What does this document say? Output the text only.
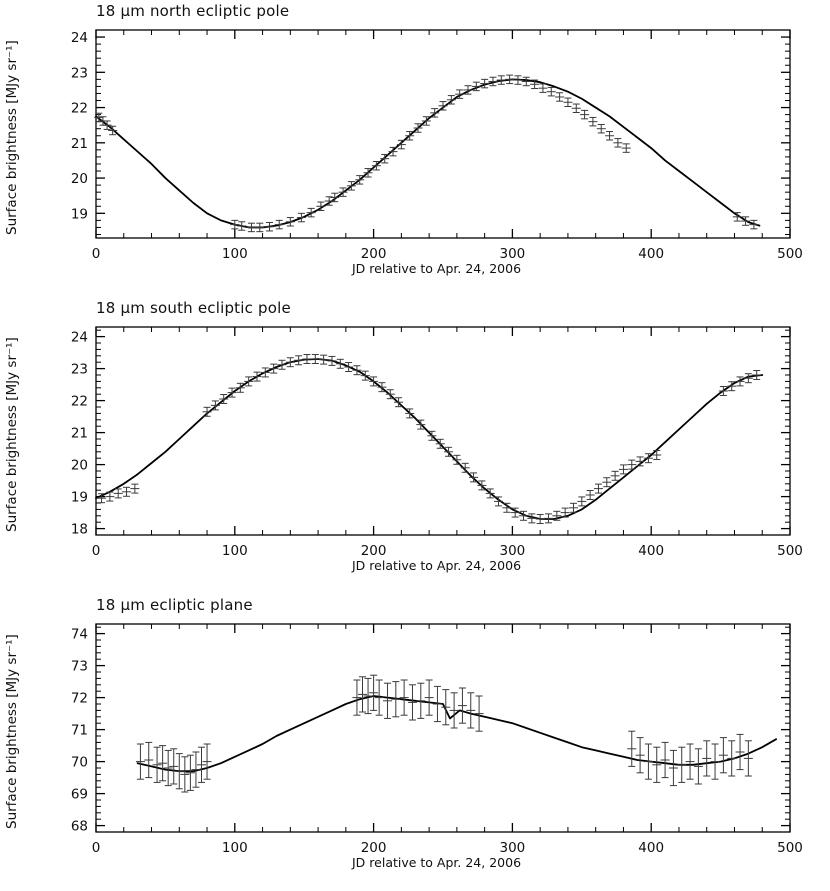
18 µm north ecliptic pole
Surface brightness [MJy sr⁻¹]
JD relative to Apr. 24, 2006
0	100	200	300	400	500
19
20
21
22
23
24
18 µm south ecliptic pole
Surface brightness [MJy sr⁻¹]
JD relative to Apr. 24, 2006
0	100	200	300	400	500
18
19
20
21
22
23
24
18 µm ecliptic plane
Surface brightness [MJy sr⁻¹]
JD relative to Apr. 24, 2006
0	100	200	300	400	500
68
69
70
71
72
73
74
